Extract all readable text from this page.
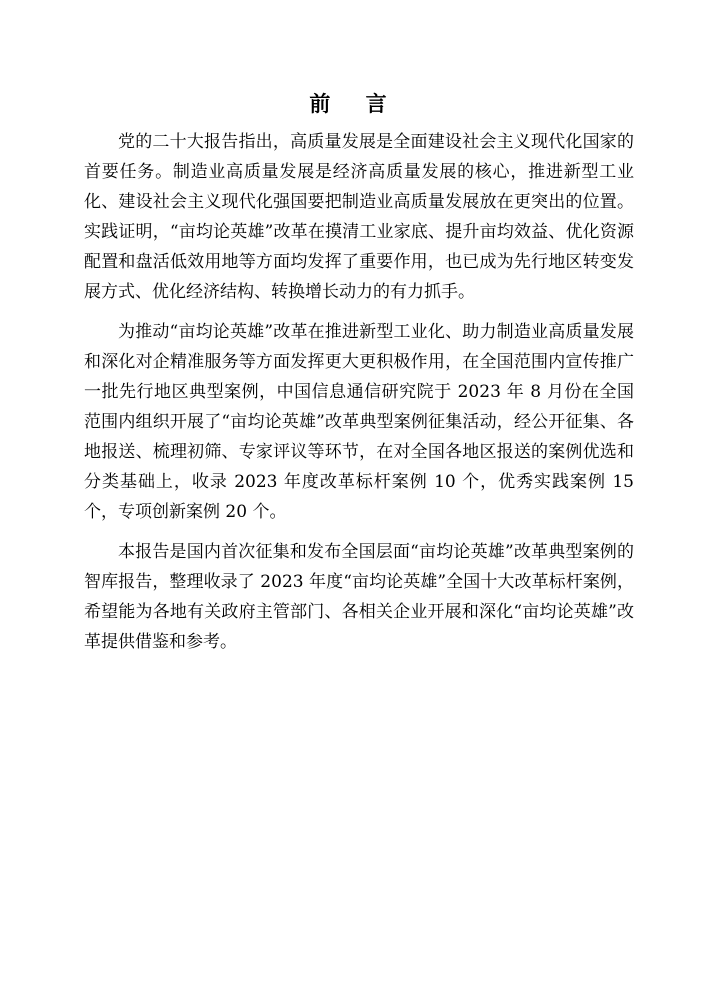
前 言

党的二十大报告指出，高质量发展是全面建设社会主义现代化国家的首要任务。制造业高质量发展是经济高质量发展的核心，推进新型工业化、建设社会主义现代化强国要把制造业高质量发展放在更突出的位置。实践证明，“亩均论英雄”改革在摸清工业家底、提升亩均效益、优化资源配置和盘活低效用地等方面均发挥了重要作用，也已成为先行地区转变发展方式、优化经济结构、转换增长动力的有力抓手。

为推动“亩均论英雄”改革在推进新型工业化、助力制造业高质量发展和深化对企精准服务等方面发挥更大更积极作用，在全国范围内宣传推广一批先行地区典型案例，中国信息通信研究院于 2023 年 8 月份在全国范围内组织开展了“亩均论英雄”改革典型案例征集活动，经公开征集、各地报送、梳理初筛、专家评议等环节，在对全国各地区报送的案例优选和分类基础上，收录 2023 年度改革标杆案例 10 个，优秀实践案例 15 个，专项创新案例 20 个。

本报告是国内首次征集和发布全国层面“亩均论英雄”改革典型案例的智库报告，整理收录了 2023 年度“亩均论英雄”全国十大改革标杆案例，希望能为各地有关政府主管部门、各相关企业开展和深化“亩均论英雄”改革提供借鉴和参考。
